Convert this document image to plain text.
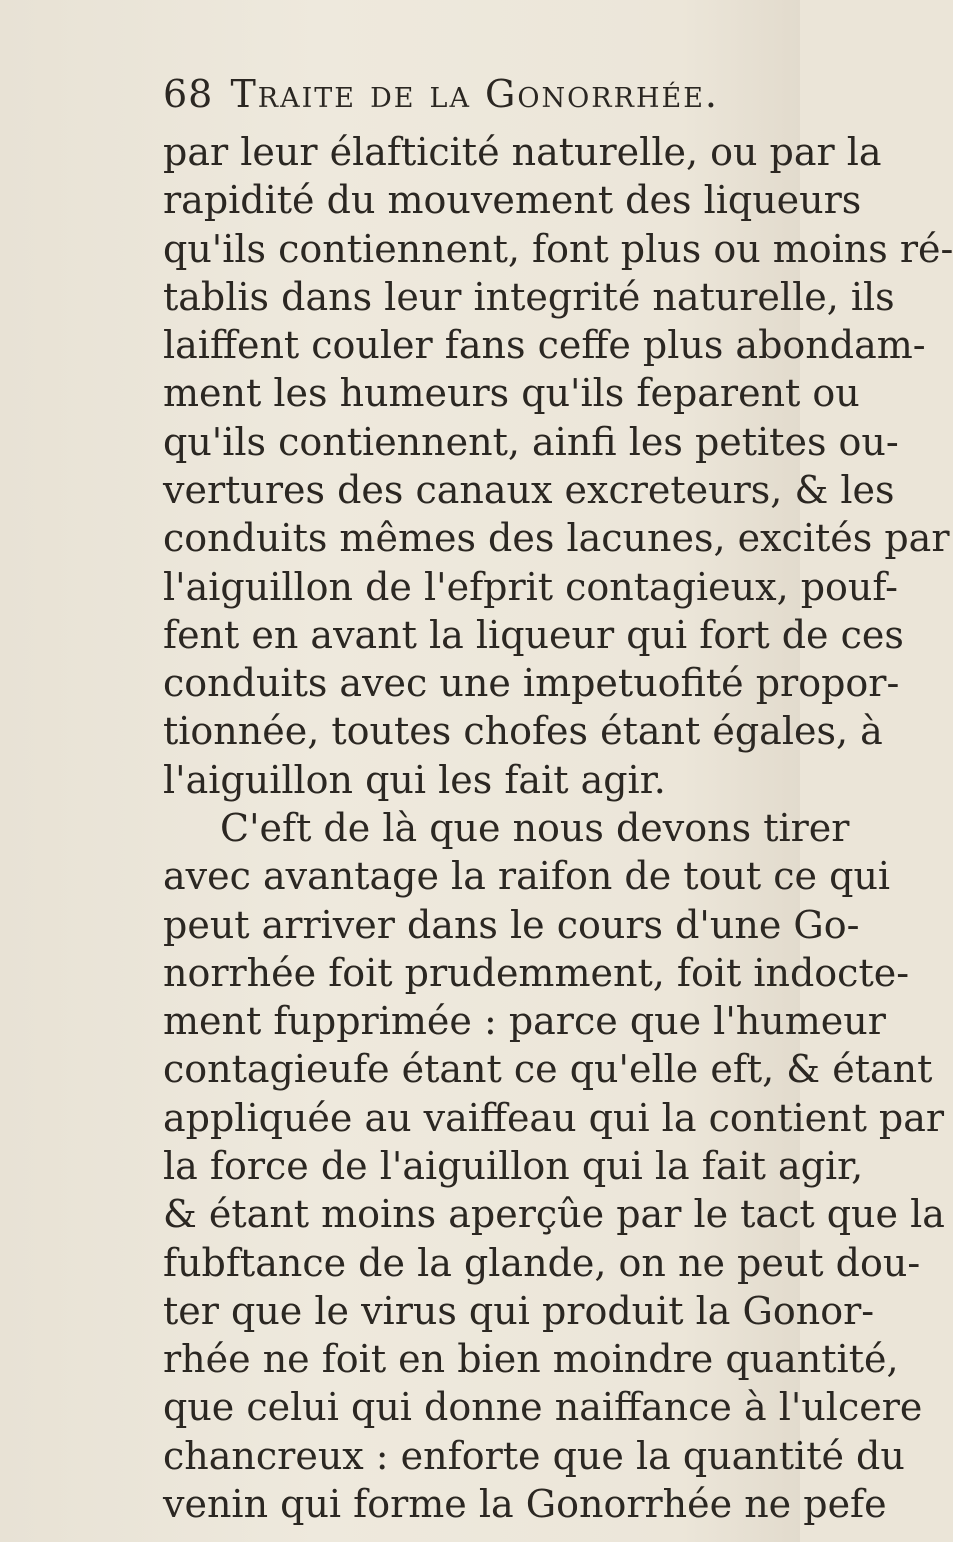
68 Traite de la Gonorrhée.
par leur élafticité naturelle, ou par la
rapidité du mouvement des liqueurs
qu'ils contiennent, font plus ou moins ré-
tablis dans leur integrité naturelle, ils
laiffent couler fans ceffe plus abondam-
ment les humeurs qu'ils feparent ou
qu'ils contiennent, ainfi les petites ou-
vertures des canaux excreteurs, & les
conduits mêmes des lacunes, excités par
l'aiguillon de l'efprit contagieux, pouf-
fent en avant la liqueur qui fort de ces
conduits avec une impetuofité propor-
tionnée, toutes chofes étant égales, à
l'aiguillon qui les fait agir.
C'eft de là que nous devons tirer
avec avantage la raifon de tout ce qui
peut arriver dans le cours d'une Go-
norrhée foit prudemment, foit indocte-
ment fupprimée : parce que l'humeur
contagieufe étant ce qu'elle eft, & étant
appliquée au vaiffeau qui la contient par
la force de l'aiguillon qui la fait agir,
& étant moins aperçûe par le tact que la
fubftance de la glande, on ne peut dou-
ter que le virus qui produit la Gonor-
rhée ne foit en bien moindre quantité,
que celui qui donne naiffance à l'ulcere
chancreux : enforte que la quantité du
venin qui forme la Gonorrhée ne pefe
